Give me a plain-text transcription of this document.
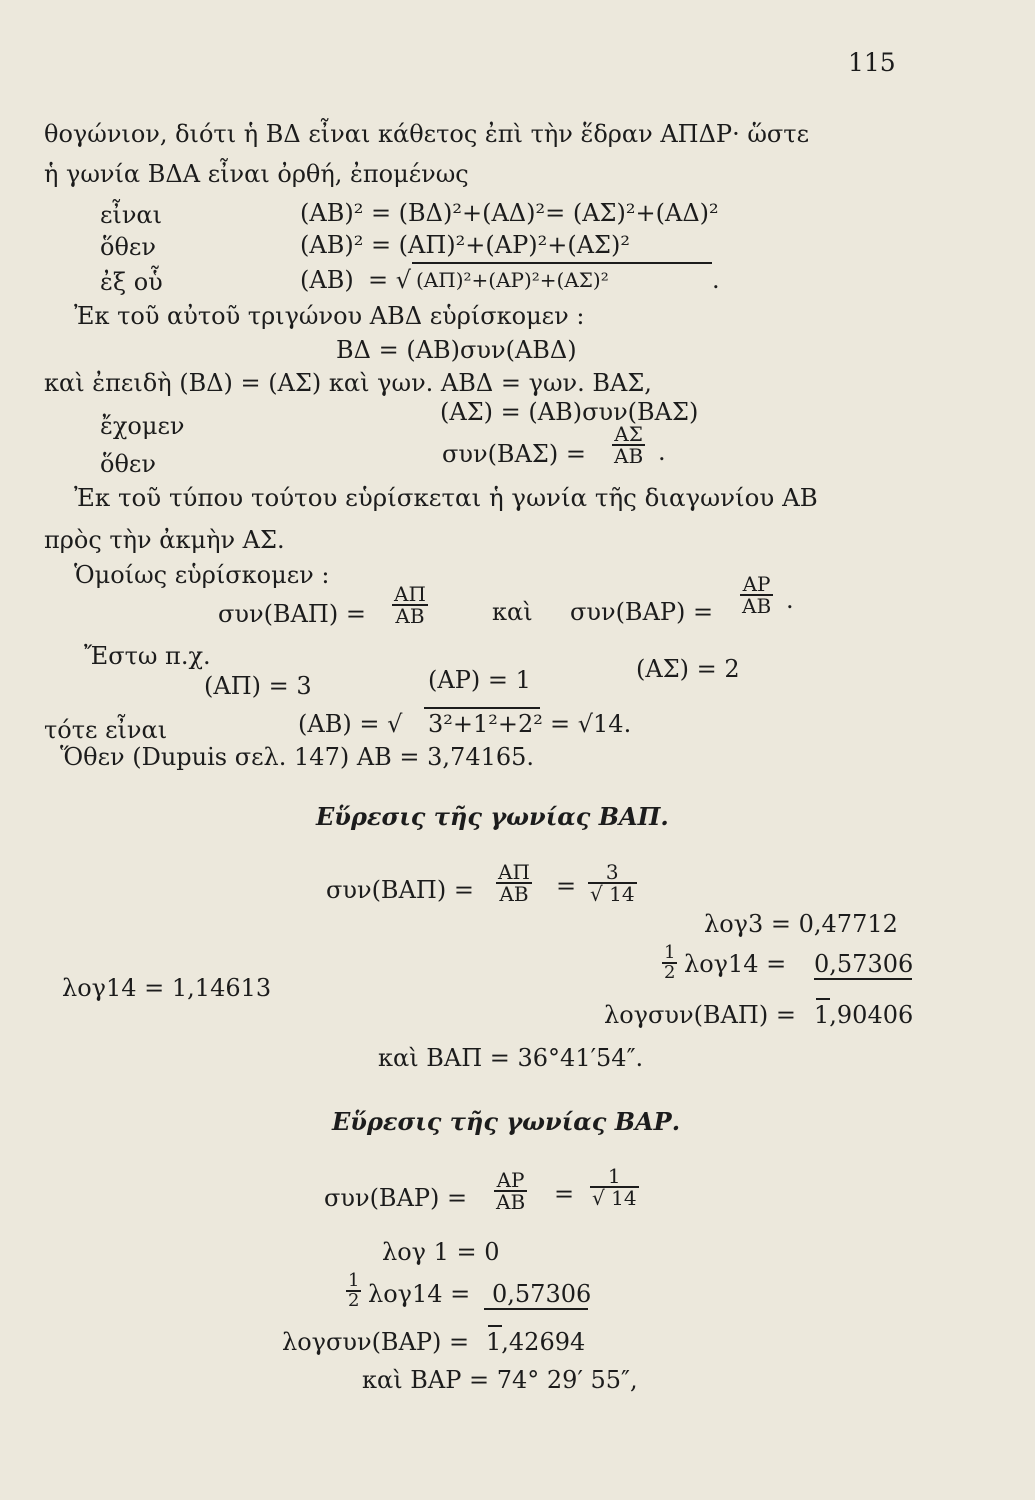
115
θογώνιον, διότι ἡ ΒΔ εἶναι κάθετος ἐπὶ τὴν ἕδραν ΑΠΔΡ· ὥστε
ἡ γωνία ΒΔΑ εἶναι ὀρθή, ἐπομένως
εἶναι	(ΑΒ)² = (ΒΔ)²+(ΑΔ)²= (ΑΣ)²+(ΑΔ)²
ὅθεν	(ΑΒ)² = (ΑΠ)²+(ΑΡ)²+(ΑΣ)²
ἐξ οὗ	(ΑΒ) = √ (ΑΠ)²+(ΑΡ)²+(ΑΣ)²	.
Ἐκ τοῦ αὐτοῦ τριγώνου ΑΒΔ εὑρίσκομεν :
ΒΔ = (ΑΒ)συν(ΑΒΔ)
καὶ ἐπειδὴ (ΒΔ) = (ΑΣ) καὶ γων. ΑΒΔ = γων. ΒΑΣ,
ἔχομεν	(ΑΣ) = (ΑΒ)συν(ΒΑΣ)
ὅθεν	$\sigma\upsilon\nu(BA\Sigma) = \frac{A\Sigma}{AB}$ .
Ἐκ τοῦ τύπου τούτου εὑρίσκεται ἡ γωνία τῆς διαγωνίου ΑΒ
πρὸς τὴν ἀκμὴν ΑΣ.
Ὁμοίως εὑρίσκομεν :
$\sigma\upsilon\nu(BA\Pi) = \frac{A\Pi}{AB}$	καὶ $\sigma\upsilon\nu(BAP) = \frac{AP}{AB}$ .
Ἔστω π.χ.
(ΑΠ) = 3	(ΑΡ) = 1	(ΑΣ) = 2
τότε εἶναι	(ΑΒ) = √ 3²+1²+2² = √14.
Ὅθεν (Dupuis σελ. 147) ΑΒ = 3,74165.
Εὕρεσις τῆς γωνίας ΒΑΠ.
$\sigma\upsilon\nu(BA\Pi) = \frac{A\Pi}{AB} = \frac{3}{√ 14}$
λογ3 = 0,47712
$\frac{1}{2} \lambda o\gamma 14 = 0,57306$
λογ14 = 1,14613
λογσυν(ΒΑΠ) = 1,90406
καὶ ΒΑΠ = 36°41′54″.
Εὕρεσις τῆς γωνίας ΒΑΡ.
$\sigma\upsilon\nu(BAP) = \frac{AP}{AB} = \frac{1}{√ 14}$
λογ 1 = 0
$\frac{1}{2} \lambda o\gamma 14 = 0,57306$
λογσυν(ΒΑΡ) = 1,42694
καὶ ΒΑΡ = 74° 29′ 55″,
